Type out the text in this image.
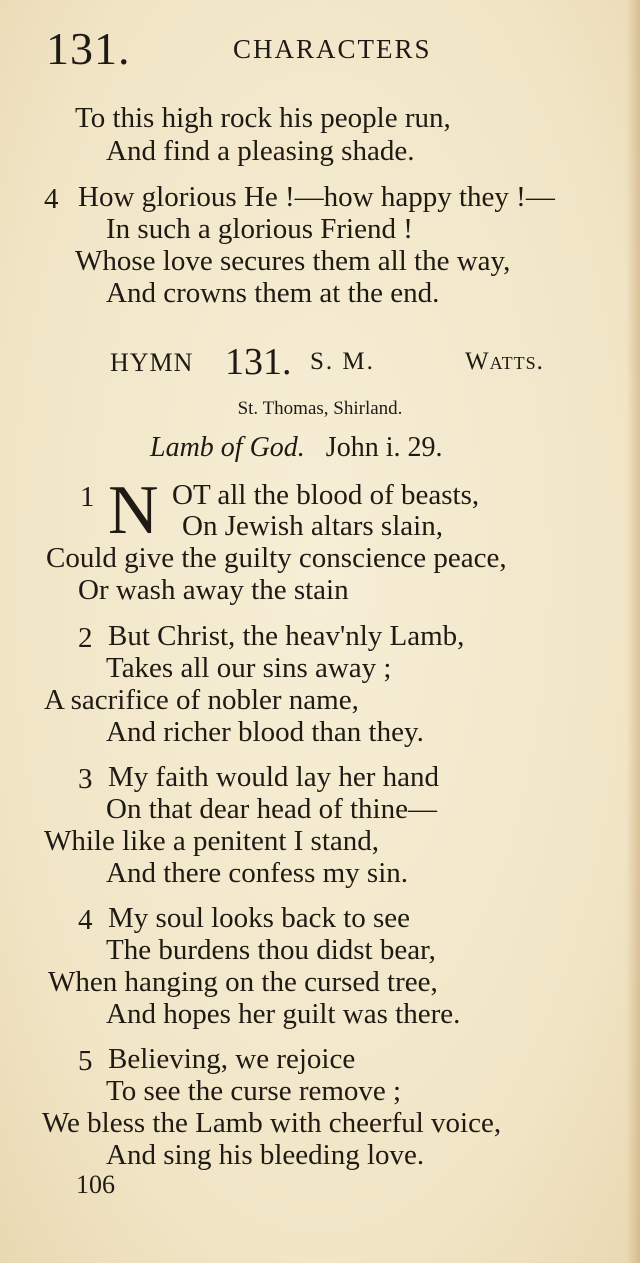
131.	CHARACTERS
To this high rock his people run,
And find a pleasing shade.
4 How glorious He !—how happy they !—
In such a glorious Friend !
Whose love secures them all the way,
And crowns them at the end.
HYMN 131. S. M.	Watts.
St. Thomas, Shirland.
Lamb of God. John i. 29.
1 N OT all the blood of beasts,
On Jewish altars slain,
Could give the guilty conscience peace,
Or wash away the stain
2 But Christ, the heav'nly Lamb,
Takes all our sins away ;
A sacrifice of nobler name,
And richer blood than they.
3 My faith would lay her hand
On that dear head of thine—
While like a penitent I stand,
And there confess my sin.
4 My soul looks back to see
The burdens thou didst bear,
When hanging on the cursed tree,
And hopes her guilt was there.
5 Believing, we rejoice
To see the curse remove ;
We bless the Lamb with cheerful voice,
And sing his bleeding love.
106
